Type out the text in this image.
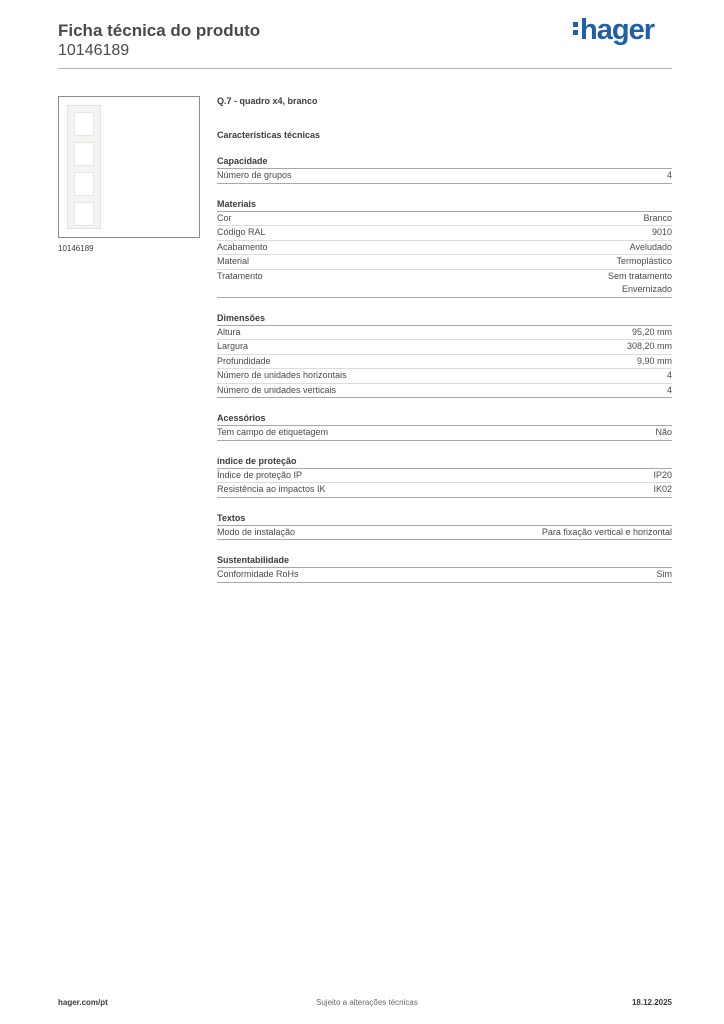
Ficha técnica do produto
10146189
hager
10146189
Q.7 - quadro x4, branco
Características técnicas
Capacidade
Número de grupos	4
Materiais
Cor	Branco
Código RAL	9010
Acabamento	Aveludado
Material	Termoplástico
Tratamento	Sem tratamento
Envernizado
Dimensões
Altura	95,20 mm
Largura	308,20 mm
Profundidade	9,90 mm
Número de unidades horizontais	4
Número de unidades verticais	4
Acessórios
Tem campo de etiquetagem	Não
índice de proteção
Índice de proteção IP	IP20
Resistência ao impactos IK	IK02
Textos
Modo de instalação	Para fixação vertical e horizontal
Sustentabilidade
Conformidade RoHs	Sim
hager.com/pt	Sujeito a alterações técnicas	18.12.2025
